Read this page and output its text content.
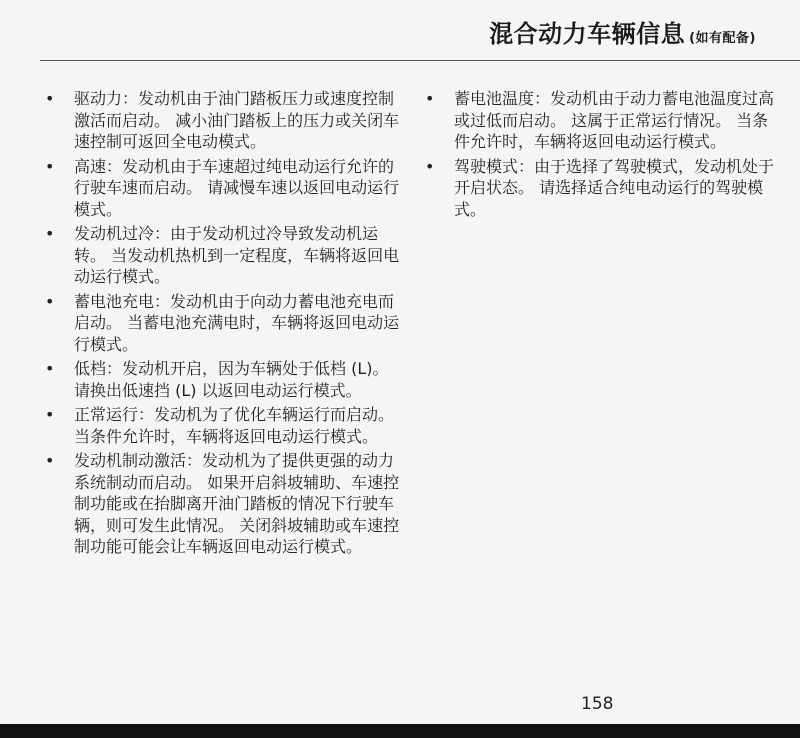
混合动力车辆信息 (如有配备)
• 驱动力：发动机由于油门踏板压力或速度控制激活而启动。 减小油门踏板上的压力或关闭车速控制可返回全电动模式。
• 高速：发动机由于车速超过纯电动运行允许的行驶车速而启动。 请减慢车速以返回电动运行模式。
• 发动机过冷：由于发动机过冷导致发动机运转。 当发动机热机到一定程度，车辆将返回电动运行模式。
• 蓄电池充电：发动机由于向动力蓄电池充电而启动。 当蓄电池充满电时，车辆将返回电动运行模式。
• 低档：发动机开启，因为车辆处于低档 (L)。 请换出低速挡 (L) 以返回电动运行模式。
• 正常运行：发动机为了优化车辆运行而启动。 当条件允许时，车辆将返回电动运行模式。
• 发动机制动激活：发动机为了提供更强的动力系统制动而启动。 如果开启斜坡辅助、车速控制功能或在抬脚离开油门踏板的情况下行驶车辆，则可发生此情况。 关闭斜坡辅助或车速控制功能可能会让车辆返回电动运行模式。
• 蓄电池温度：发动机由于动力蓄电池温度过高或过低而启动。 这属于正常运行情况。 当条件允许时，车辆将返回电动运行模式。
• 驾驶模式：由于选择了驾驶模式，发动机处于开启状态。 请选择适合纯电动运行的驾驶模式。
158
